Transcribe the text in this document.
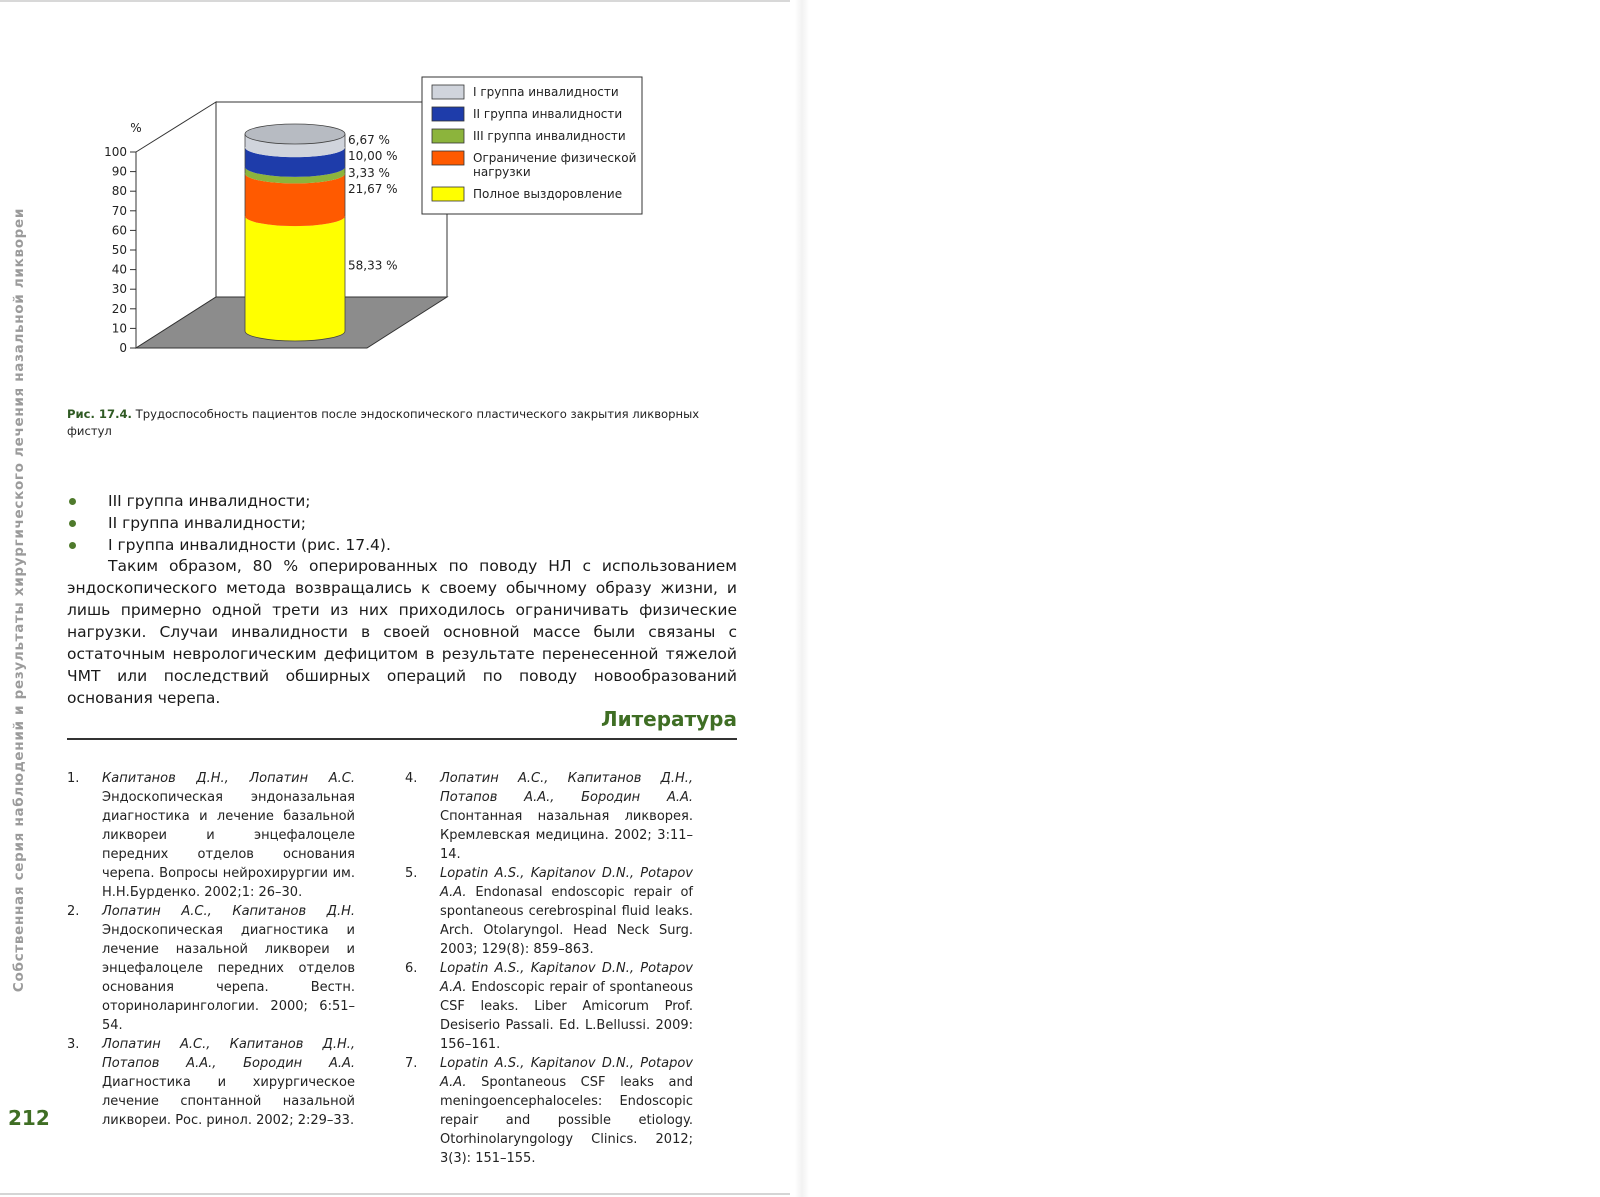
Собственная серия наблюдений и результаты хирургического лечения назальной ликвореи	0
10
20
30
40
50
60
70
80
90
100
%
6,67 %
10,00 %
3,33 %
21,67 %
58,33 %
I группа инвалидности
II группа инвалидности
III группа инвалидности
Ограничение физической
нагрузки
Полное выздоровление
Рис. 17.4. Трудоспособность пациентов после эндоскопического пластического закрытия ликворных фистул
III группа инвалидности;
II группа инвалидности;
I группа инвалидности (рис. 17.4).
Таким образом, 80 % оперированных по поводу НЛ с использованием эндоскопического метода возвращались к своему обычному образу жизни, и лишь примерно одной трети из них приходилось ограничивать физические нагрузки. Случаи инвалидности в своей основной массе были связаны с остаточным неврологическим дефицитом в результате перенесенной тяжелой ЧМТ или последствий обширных операций по поводу новообразований основания черепа.
Литература
1. Капитанов Д.Н., Лопатин А.С. Эндоскопическая эндоназальная диагностика и лечение базальной ликвореи и энцефалоцеле передних отделов основания черепа. Вопросы нейрохирургии им. Н.Н.Бурденко. 2002;1: 26–30.
2. Лопатин А.С., Капитанов Д.Н. Эндоскопическая диагностика и лечение назальной ликвореи и энцефалоцеле передних отделов основания черепа. Вестн. оториноларингологии. 2000; 6:51–54.
3. Лопатин А.С., Капитанов Д.Н., Потапов А.А., Бородин А.А. Диагностика и хирургическое лечение спонтанной назальной ликвореи. Рос. ринол. 2002; 2:29–33.
4. Лопатин А.С., Капитанов Д.Н., Потапов А.А., Бородин А.А. Спонтанная назальная ликворея. Кремлевская медицина. 2002; 3:11–14.
5. Lopatin A.S., Kapitanov D.N., Potapov A.A. Endonasal endoscopic repair of spontaneous cerebrospinal fluid leaks. Arch. Otolaryngol. Head Neck Surg. 2003; 129(8): 859–863.
6. Lopatin A.S., Kapitanov D.N., Potapov A.A. Endoscopic repair of spontaneous CSF leaks. Liber Amicorum Prof. Desiserio Passali. Ed. L.Bellussi. 2009: 156–161.
7. Lopatin A.S., Kapitanov D.N., Potapov A.A. Spontaneous CSF leaks and meningoencephaloceles: Endoscopic repair and possible etiology. Otorhinolaryngology Clinics. 2012; 3(3): 151–155.
212
